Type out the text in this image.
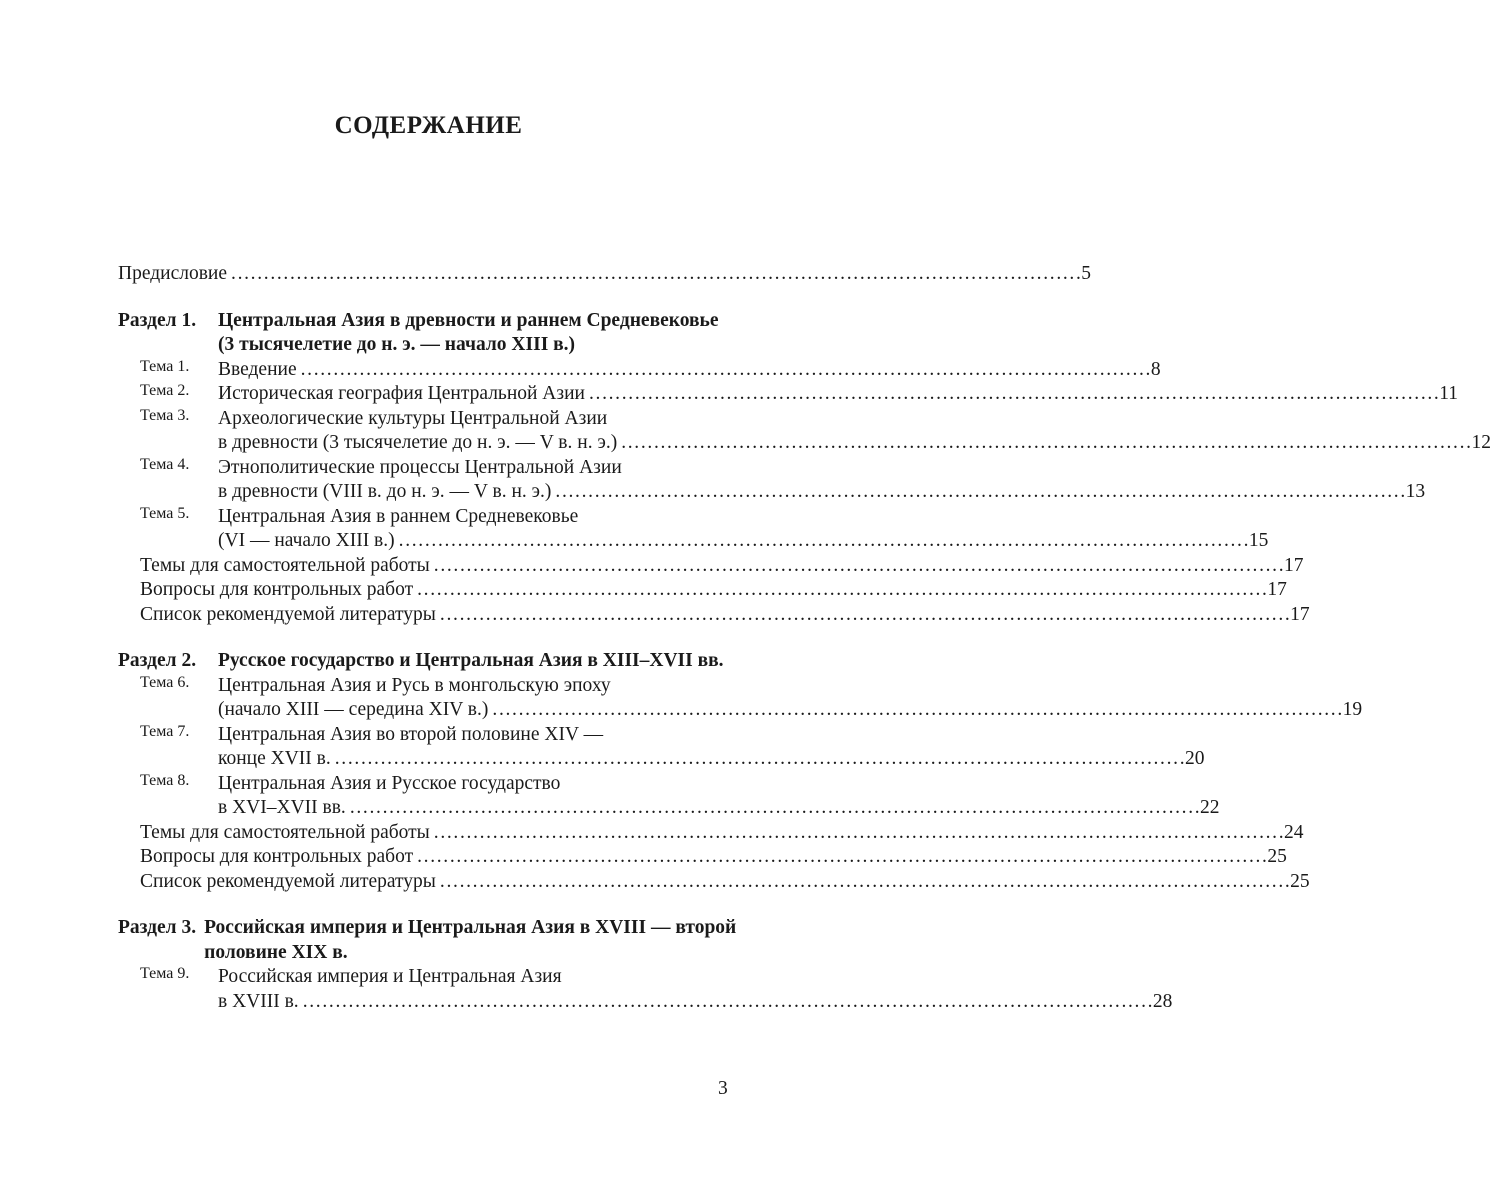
СОДЕРЖАНИЕ
Предисловие . . .	5
Раздел 1.	Центральная Азия в древности и раннем Средневековье (3 тысячелетие до н. э. — начало XIII в.)
Тема 1.	Введение . . .	8
Тема 2.	Историческая география Центральной Азии . . .	11
Тема 3.	Археологические культуры Центральной Азии
в древности (3 тысячелетие до н. э. — V в. н. э.) . . .	12
Тема 4.	Этнополитические процессы Центральной Азии
в древности (VIII в. до н. э. — V в. н. э.) . . .	13
Тема 5.	Центральная Азия в раннем Средневековье
(VI — начало XIII в.) . . .	15
Темы для самостоятельной работы . . .	17
Вопросы для контрольных работ . . .	17
Список рекомендуемой литературы . . .	17
Раздел 2.	Русское государство и Центральная Азия в XIII–XVII вв.
Тема 6.	Центральная Азия и Русь в монгольскую эпоху
(начало XIII — середина XIV в.) . . .	19
Тема 7.	Центральная Азия во второй половине XIV —
конце XVII в. . . .	20
Тема 8.	Центральная Азия и Русское государство
в XVI–XVII вв. . . .	22
Темы для самостоятельной работы . . .	24
Вопросы для контрольных работ . . .	25
Список рекомендуемой литературы . . .	25
Раздел 3. Российская империя и Центральная Азия в XVIII — второй половине XIX в.
Тема 9.	Российская империя и Центральная Азия
в XVIII в. . . .	28
3
